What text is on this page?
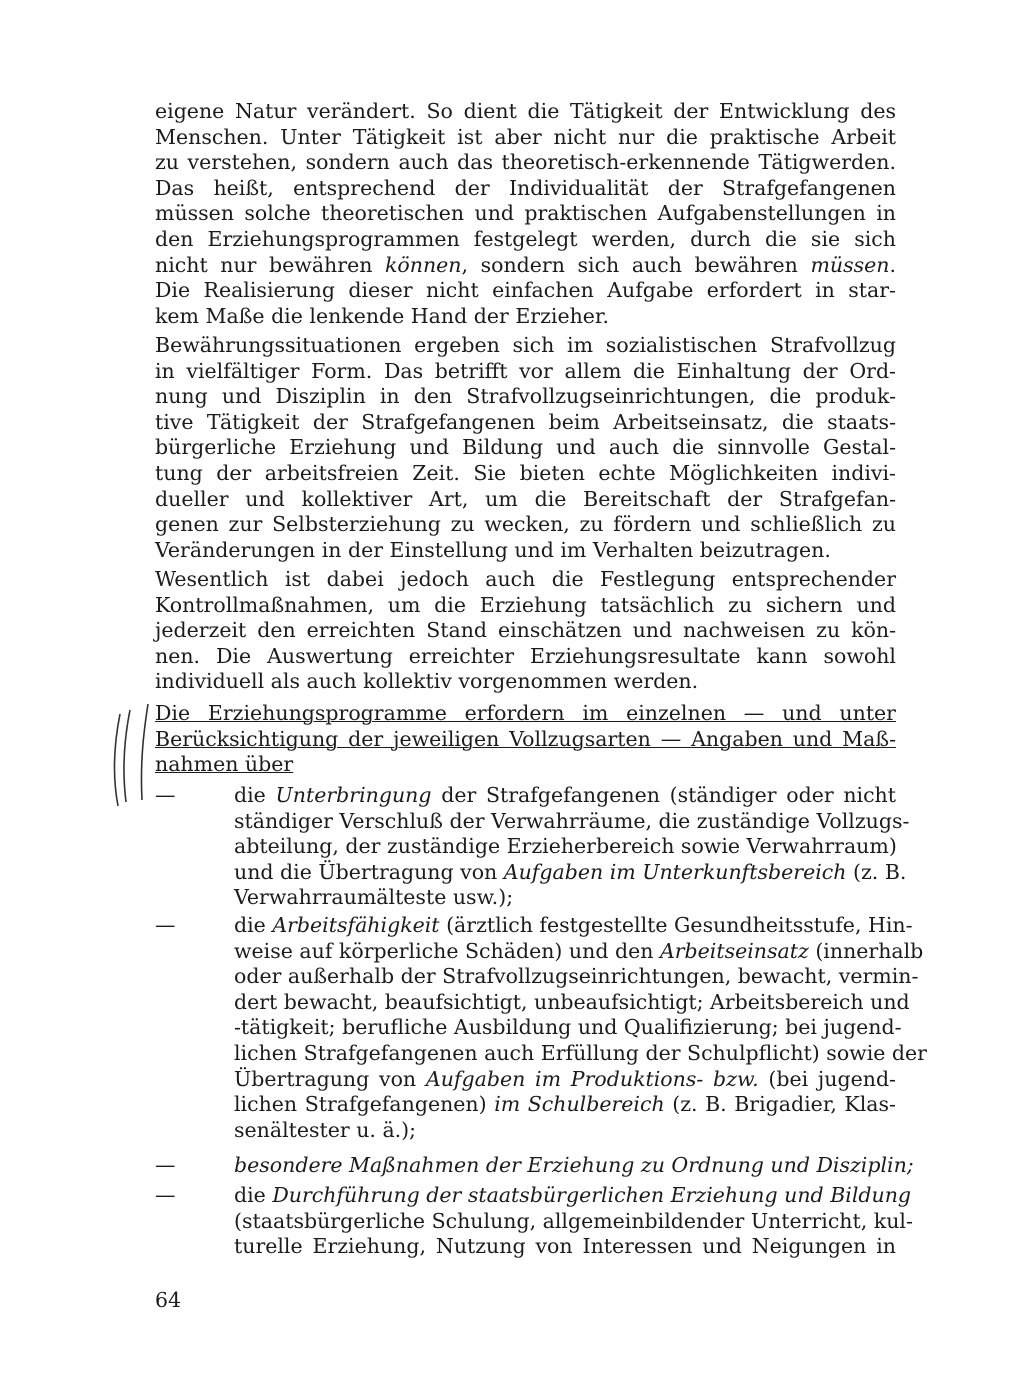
eigene Natur verändert. So dient die Tätigkeit der Entwicklung des
Menschen. Unter Tätigkeit ist aber nicht nur die praktische Arbeit
zu verstehen, sondern auch das theoretisch-erkennende Tätigwerden.
Das heißt, entsprechend der Individualität der Strafgefangenen
müssen solche theoretischen und praktischen Aufgabenstellungen in
den Erziehungsprogrammen festgelegt werden, durch die sie sich
nicht nur bewähren können, sondern sich auch bewähren müssen.
Die Realisierung dieser nicht einfachen Aufgabe erfordert in star-
kem Maße die lenkende Hand der Erzieher.
Bewährungssituationen ergeben sich im sozialistischen Strafvollzug
in vielfältiger Form. Das betrifft vor allem die Einhaltung der Ord-
nung und Disziplin in den Strafvollzugseinrichtungen, die produk-
tive Tätigkeit der Strafgefangenen beim Arbeitseinsatz, die staats-
bürgerliche Erziehung und Bildung und auch die sinnvolle Gestal-
tung der arbeitsfreien Zeit. Sie bieten echte Möglichkeiten indivi-
dueller und kollektiver Art, um die Bereitschaft der Strafgefan-
genen zur Selbsterziehung zu wecken, zu fördern und schließlich zu
Veränderungen in der Einstellung und im Verhalten beizutragen.
Wesentlich ist dabei jedoch auch die Festlegung entsprechender
Kontrollmaßnahmen, um die Erziehung tatsächlich zu sichern und
jederzeit den erreichten Stand einschätzen und nachweisen zu kön-
nen. Die Auswertung erreichter Erziehungsresultate kann sowohl
individuell als auch kollektiv vorgenommen werden.
Die Erziehungsprogramme erfordern im einzelnen — und unter
Berücksichtigung der jeweiligen Vollzugsarten — Angaben und Maß-
nahmen über
—	die Unterbringung der Strafgefangenen (ständiger oder nicht
ständiger Verschluß der Verwahrräume, die zuständige Vollzugs-
abteilung, der zuständige Erzieherbereich sowie Verwahrraum)
und die Übertragung von Aufgaben im Unterkunftsbereich (z. B.
Verwahrraumälteste usw.);
—	die Arbeitsfähigkeit (ärztlich festgestellte Gesundheitsstufe, Hin-
weise auf körperliche Schäden) und den Arbeitseinsatz (innerhalb
oder außerhalb der Strafvollzugseinrichtungen, bewacht, vermin-
dert bewacht, beaufsichtigt, unbeaufsichtigt; Arbeitsbereich und
-tätigkeit; berufliche Ausbildung und Qualifizierung; bei jugend-
lichen Strafgefangenen auch Erfüllung der Schulpflicht) sowie der
Übertragung von Aufgaben im Produktions- bzw. (bei jugend-
lichen Strafgefangenen) im Schulbereich (z. B. Brigadier, Klas-
senältester u. ä.);
—	besondere Maßnahmen der Erziehung zu Ordnung und Disziplin;
—	die Durchführung der staatsbürgerlichen Erziehung und Bildung
(staatsbürgerliche Schulung, allgemeinbildender Unterricht, kul-
turelle Erziehung, Nutzung von Interessen und Neigungen in
64
